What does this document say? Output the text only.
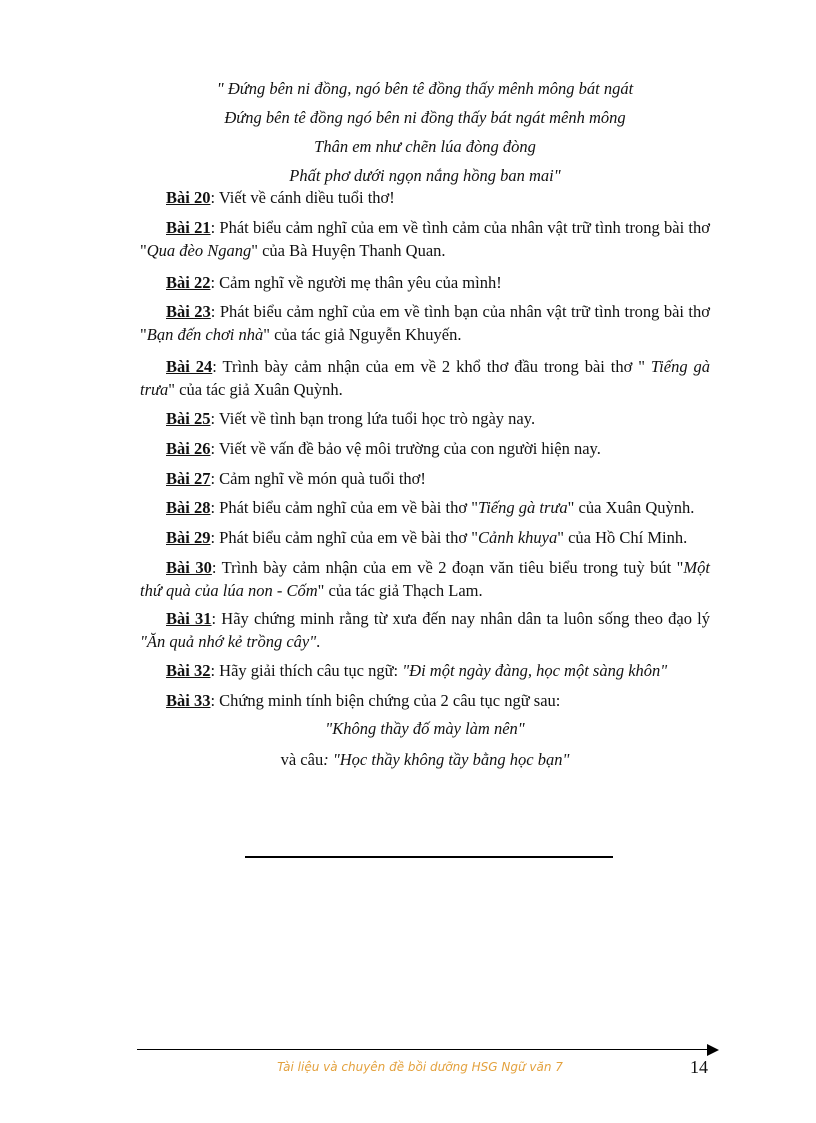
" Đứng bên ni đồng, ngó bên tê đồng thấy mênh mông bát ngát
Đứng bên tê đồng ngó bên ni đồng thấy bát ngát mênh mông
Thân em như chẽn lúa đòng đòng
Phất phơ dưới ngọn nắng hồng ban mai"

Bài 20: Viết về cánh diều tuổi thơ!

Bài 21: Phát biểu cảm nghĩ của em về tình cảm của nhân vật trữ tình trong bài thơ "Qua đèo Ngang" của Bà Huyện Thanh Quan.

Bài 22: Cảm nghĩ về người mẹ thân yêu của mình!

Bài 23: Phát biểu cảm nghĩ của em về tình bạn của nhân vật trữ tình trong bài thơ "Bạn đến chơi nhà" của tác giả Nguyễn Khuyến.

Bài 24: Trình bày cảm nhận của em về 2 khổ thơ đầu trong bài thơ " Tiếng gà trưa" của tác giả Xuân Quỳnh.

Bài 25: Viết về tình bạn trong lứa tuổi học trò ngày nay.

Bài 26: Viết về vấn đề bảo vệ môi trường của con người hiện nay.

Bài 27: Cảm nghĩ về món quà tuổi thơ!

Bài 28: Phát biểu cảm nghĩ của em về bài thơ "Tiếng gà trưa" của Xuân Quỳnh.

Bài 29: Phát biểu cảm nghĩ của em về bài thơ "Cảnh khuya" của Hồ Chí Minh.

Bài 30: Trình bày cảm nhận của em về 2 đoạn văn tiêu biểu trong tuỳ bút "Một thứ quà của lúa non - Cốm" của tác giả Thạch Lam.

Bài 31: Hãy chứng minh rằng từ xưa đến nay nhân dân ta luôn sống theo đạo lý "Ăn quả nhớ kẻ trồng cây".

Bài 32: Hãy giải thích câu tục ngữ: "Đi một ngày đàng, học một sàng khôn"

Bài 33: Chứng minh tính biện chứng của 2 câu tục ngữ sau:

"Không thầy đố mày làm nên"
và câu: "Học thầy không tầy bằng học bạn"
Tài liệu và chuyên đề bồi dưỡng HSG Ngữ văn 7	14
